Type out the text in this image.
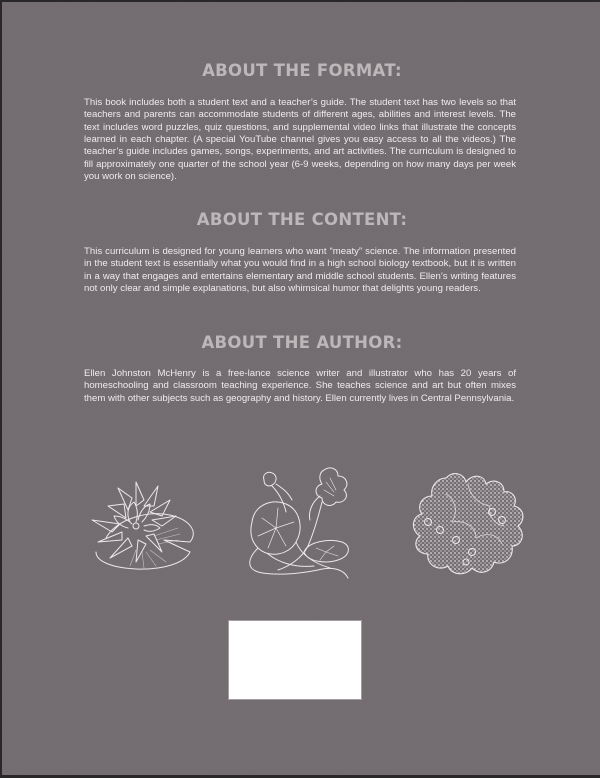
ABOUT THE FORMAT:

This book includes both a student text and a teacher’s guide. The student text has two levels so that teachers and parents can accommodate students of different ages, abilities and interest levels. The text includes word puzzles, quiz questions, and supplemental video links that illustrate the concepts learned in each chapter. (A special YouTube channel gives you easy access to all the videos.) The teacher’s guide includes games, songs, experiments, and art activities. The curriculum is designed to fill approximately one quarter of the school year (6-9 weeks, depending on how many days per week you work on science).

ABOUT THE CONTENT:

This curriculum is designed for young learners who want “meaty” science. The information presented in the student text is essentially what you would find in a high school biology textbook, but it is written in a way that engages and entertains elementary and middle school students. Ellen’s writing features not only clear and simple explanations, but also whimsical humor that delights young readers.

ABOUT THE AUTHOR:

Ellen Johnston McHenry is a free-lance science writer and illustrator who has 20 years of homeschooling and classroom teaching experience. She teaches science and art but often mixes them with other subjects such as geography and history. Ellen currently lives in Central Pennsylvania.
